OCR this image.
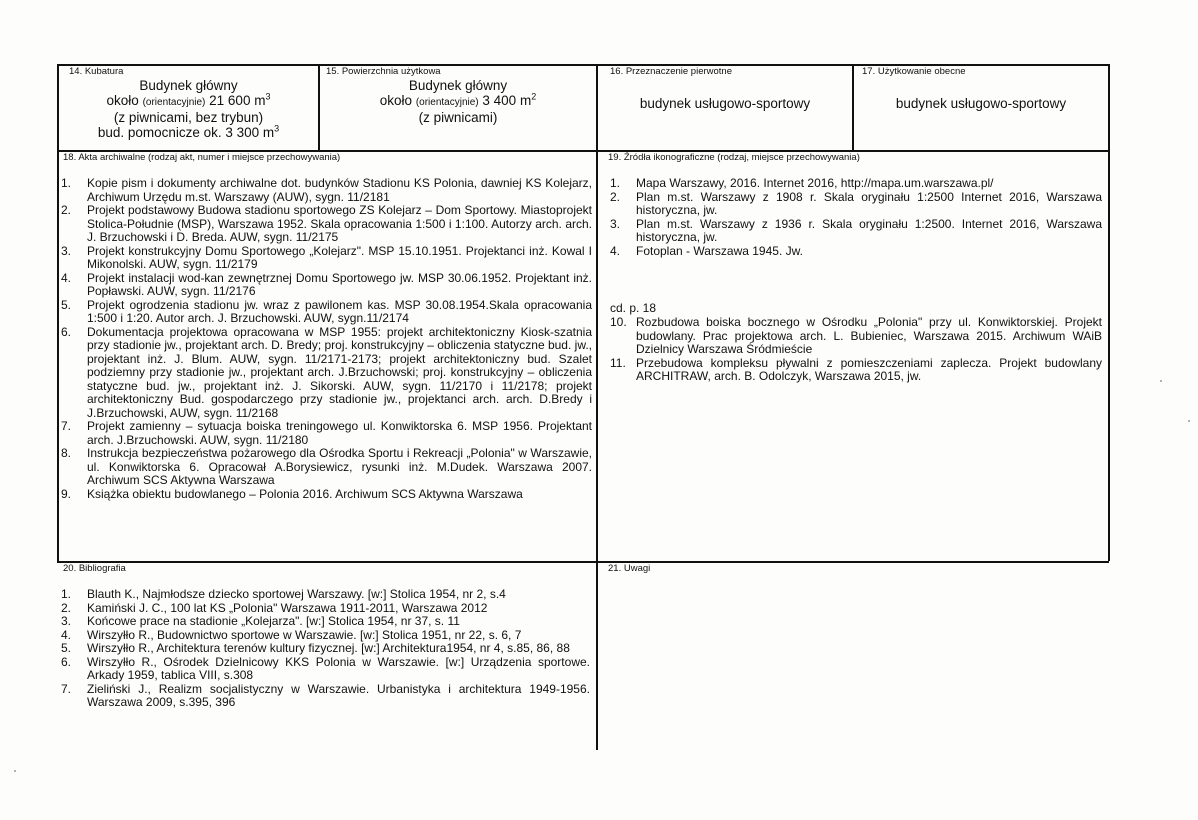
14. Kubatura
Budynek główny
około (orientacyjnie) 21 600 $m^3$
(z piwnicami, bez trybun)
bud. pomocnicze ok. 3 300 $m^3$
15. Powierzchnia użytkowa
Budynek główny
około (orientacyjnie) 3 400 $m^2$
(z piwnicami)
16. Przeznaczenie pierwotne
budynek usługowo-sportowy
17. Użytkowanie obecne
budynek usługowo-sportowy
18. Akta archiwalne (rodzaj akt, numer i miejsce przechowywania)
1. Kopie pism i dokumenty archiwalne dot. budynków Stadionu KS Polonia, dawniej KS Kolejarz, Archiwum Urzędu m.st. Warszawy (AUW), sygn. 11/2181
2. Projekt podstawowy Budowa stadionu sportowego ZS Kolejarz – Dom Sportowy. Miastoprojekt Stolica-Południe (MSP), Warszawa 1952. Skala opracowania 1:500 i 1:100. Autorzy arch. arch. J. Brzuchowski i D. Breda. AUW, sygn. 11/2175
3. Projekt konstrukcyjny Domu Sportowego „Kolejarz". MSP 15.10.1951. Projektanci inż. Kowal I Mikonolski. AUW, sygn. 11/2179
4. Projekt instalacji wod-kan zewnętrznej Domu Sportowego jw. MSP 30.06.1952. Projektant inż. Popławski. AUW, sygn. 11/2176
5. Projekt ogrodzenia stadionu jw. wraz z pawilonem kas. MSP 30.08.1954.Skala opracowania 1:500 i 1:20. Autor arch. J. Brzuchowski. AUW, sygn.11/2174
6. Dokumentacja projektowa opracowana w MSP 1955: projekt architektoniczny Kiosk-szatnia przy stadionie jw., projektant arch. D. Bredy; proj. konstrukcyjny – obliczenia statyczne bud. jw., projektant inż. J. Blum. AUW, sygn. 11/2171-2173; projekt architektoniczny bud. Szalet podziemny przy stadionie jw., projektant arch. J.Brzuchowski; proj. konstrukcyjny – obliczenia statyczne bud. jw., projektant inż. J. Sikorski. AUW, sygn. 11/2170 i 11/2178; projekt architektoniczny Bud. gospodarczego przy stadionie jw., projektanci arch. arch. D.Bredy i J.Brzuchowski, AUW, sygn. 11/2168
7. Projekt zamienny – sytuacja boiska treningowego ul. Konwiktorska 6. MSP 1956. Projektant arch. J.Brzuchowski. AUW, sygn. 11/2180
8. Instrukcja bezpieczeństwa pożarowego dla Ośrodka Sportu i Rekreacji „Polonia" w Warszawie, ul. Konwiktorska 6. Opracował A.Borysiewicz, rysunki inż. M.Dudek. Warszawa 2007. Archiwum SCS Aktywna Warszawa
9. Książka obiektu budowlanego – Polonia 2016. Archiwum SCS Aktywna Warszawa
19. Źródła ikonograficzne (rodzaj, miejsce przechowywania)
1. Mapa Warszawy, 2016. Internet 2016, http://mapa.um.warszawa.pl/
2. Plan m.st. Warszawy z 1908 r. Skala oryginału 1:2500 Internet 2016, Warszawa historyczna, jw.
3. Plan m.st. Warszawy z 1936 r. Skala oryginału 1:2500. Internet 2016, Warszawa historyczna, jw.
4. Fotoplan - Warszawa 1945. Jw.
cd. p. 18
10. Rozbudowa boiska bocznego w Ośrodku „Polonia" przy ul. Konwiktorskiej. Projekt budowlany. Prac projektowa arch. L. Bubieniec, Warszawa 2015. Archiwum WAiB Dzielnicy Warszawa Śródmieście
11. Przebudowa kompleksu pływalni z pomieszczeniami zaplecza. Projekt budowlany ARCHITRAW, arch. B. Odolczyk, Warszawa 2015, jw.
20. Bibliografia
1. Blauth K., Najmłodsze dziecko sportowej Warszawy. [w:] Stolica 1954, nr 2, s.4
2. Kamiński J. C., 100 lat KS „Polonia" Warszawa 1911-2011, Warszawa 2012
3. Końcowe prace na stadionie „Kolejarza". [w:] Stolica 1954, nr 37, s. 11
4. Wirszyłło R., Budownictwo sportowe w Warszawie. [w:] Stolica 1951, nr 22, s. 6, 7
5. Wirszyłło R., Architektura terenów kultury fizycznej. [w:] Architektura1954, nr 4, s.85, 86, 88
6. Wirszyłło R., Ośrodek Dzielnicowy KKS Polonia w Warszawie. [w:] Urządzenia sportowe. Arkady 1959, tablica VIII, s.308
7. Zieliński J., Realizm socjalistyczny w Warszawie. Urbanistyka i architektura 1949-1956. Warszawa 2009, s.395, 396
21. Uwagi
